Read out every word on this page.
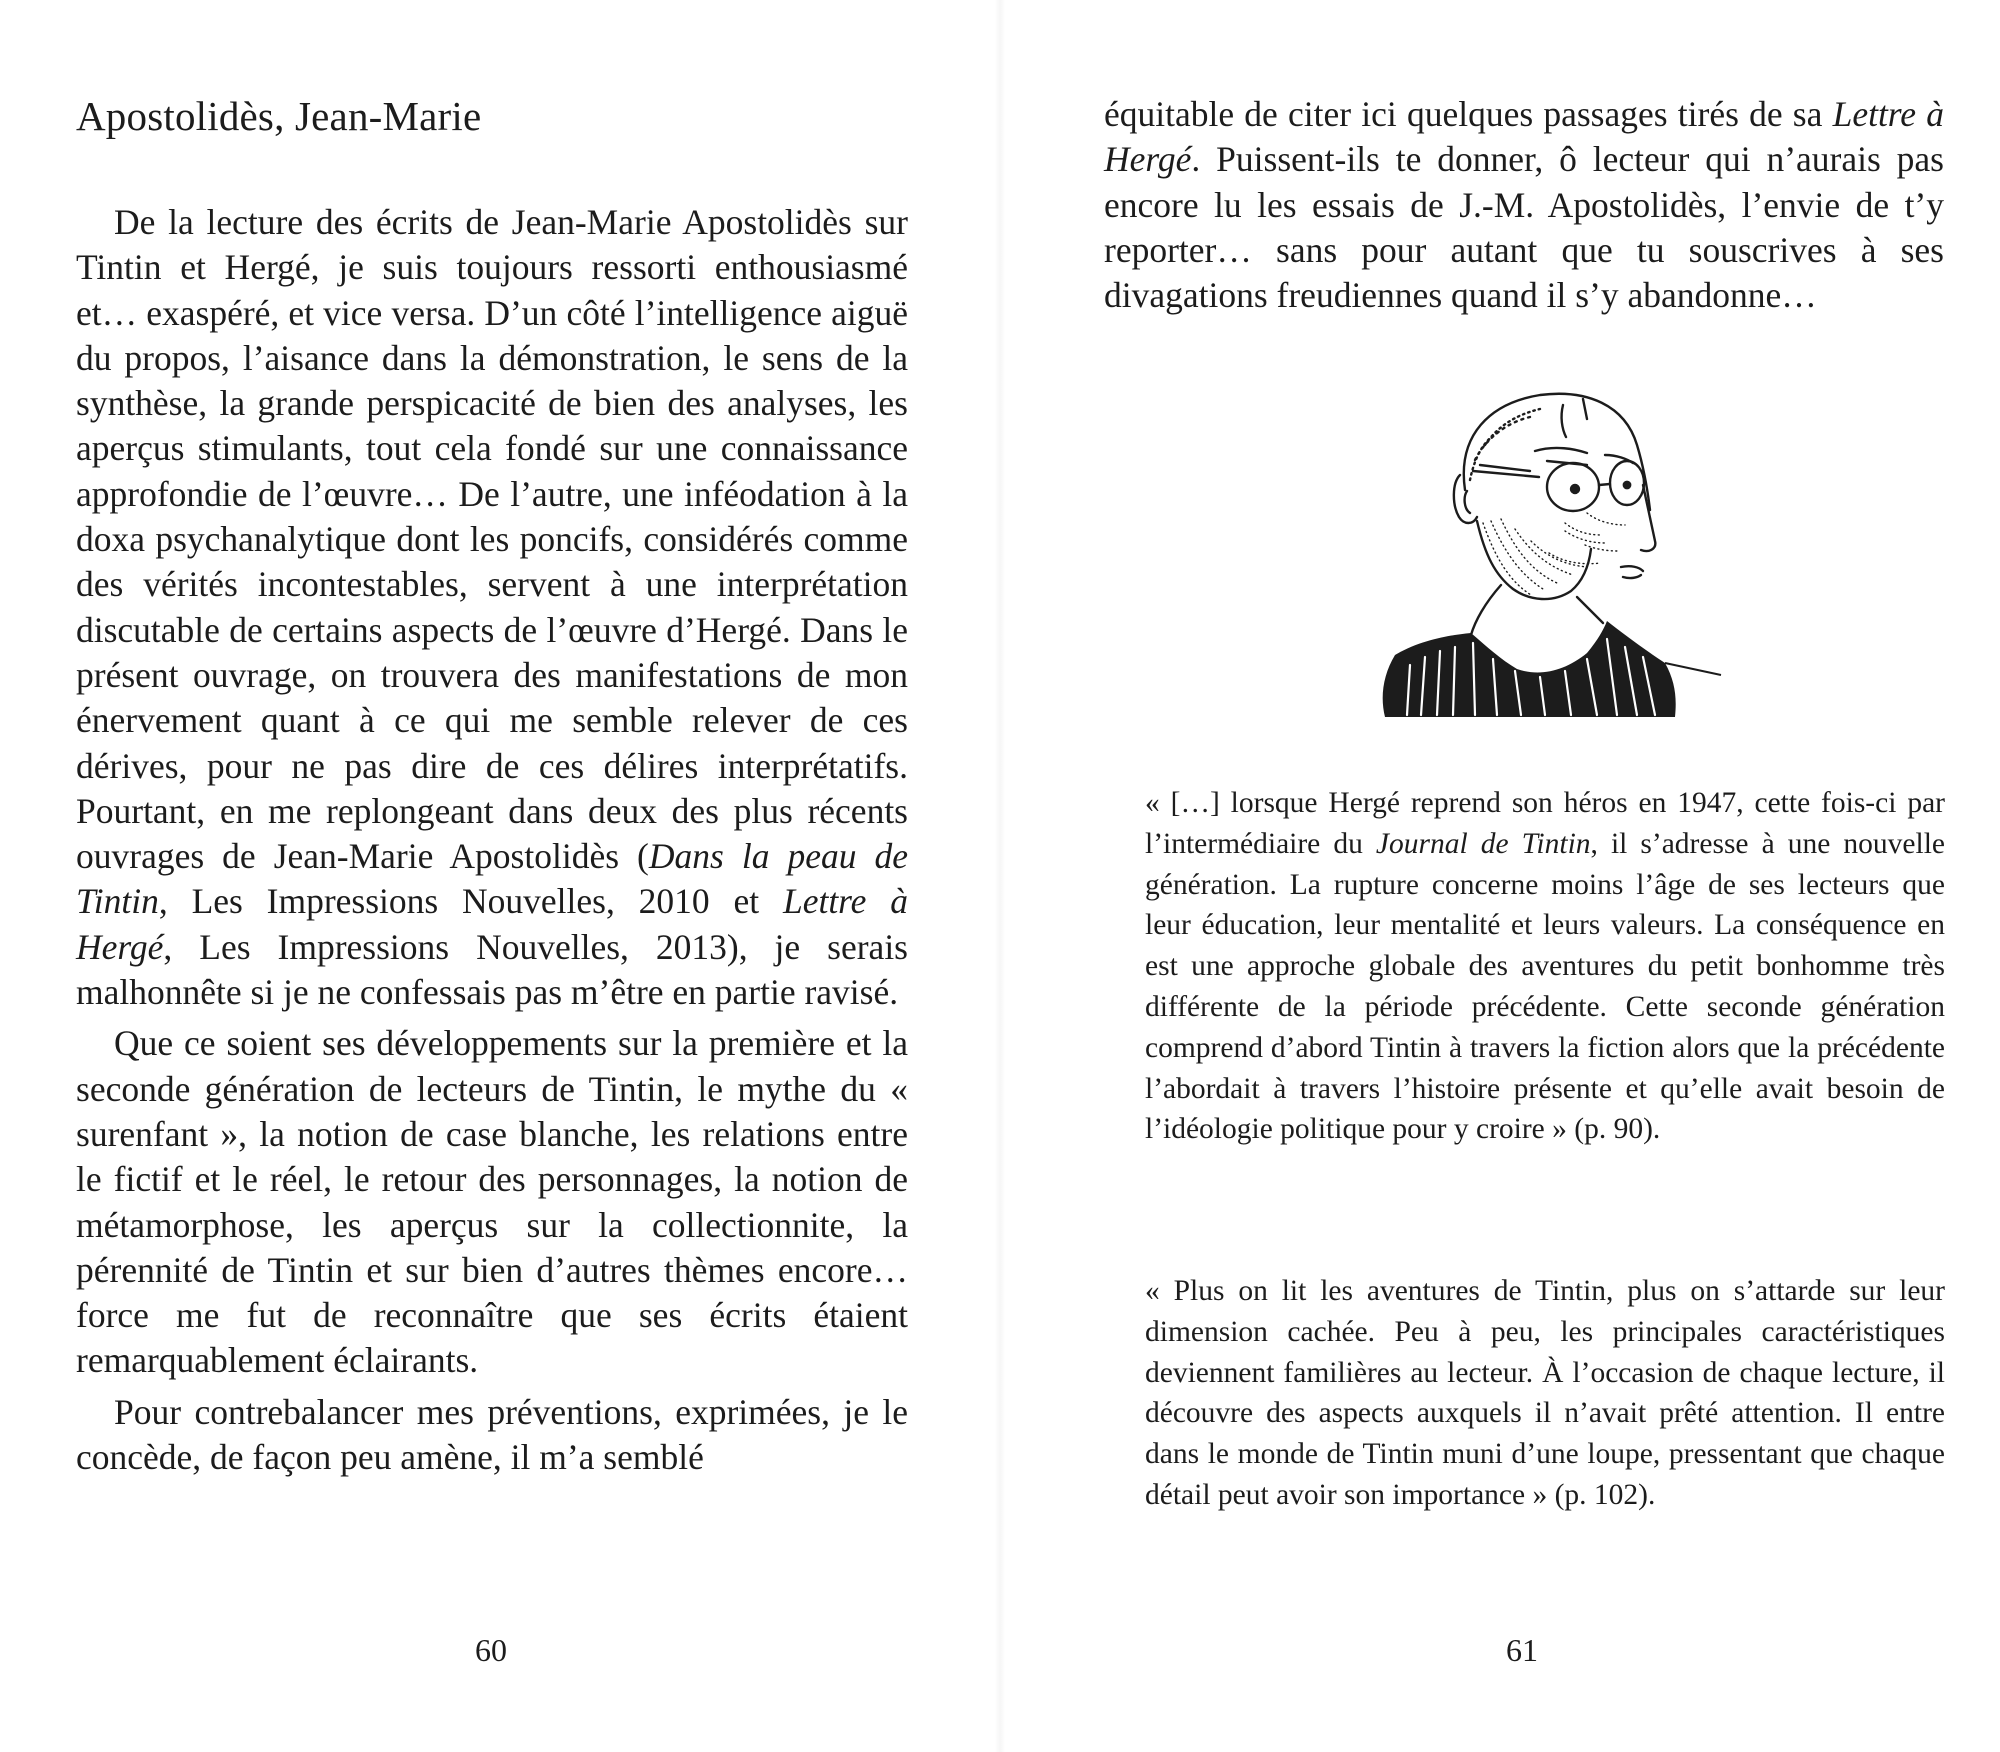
Apostolidès, Jean-Marie

De la lecture des écrits de Jean-Marie Apostolidès sur Tintin et Hergé, je suis toujours ressorti enthousiasmé et… exaspéré, et vice versa. D’un côté l’intelligence aiguë du propos, l’aisance dans la démonstration, le sens de la synthèse, la grande perspicacité de bien des analyses, les aperçus stimulants, tout cela fondé sur une connaissance approfondie de l’œuvre… De l’autre, une inféodation à la doxa psychanalytique dont les poncifs, considérés comme des vérités incontestables, servent à une interprétation discutable de certains aspects de l’œuvre d’Hergé. Dans le présent ouvrage, on trouvera des manifestations de mon énervement quant à ce qui me semble relever de ces dérives, pour ne pas dire de ces délires interprétatifs. Pourtant, en me replongeant dans deux des plus récents ouvrages de Jean-Marie Apostolidès (Dans la peau de Tintin, Les Impressions Nouvelles, 2010 et Lettre à Hergé, Les Impressions Nouvelles, 2013), je serais malhonnête si je ne confessais pas m’être en partie ravisé.

Que ce soient ses développements sur la première et la seconde génération de lecteurs de Tintin, le mythe du « surenfant », la notion de case blanche, les relations entre le fictif et le réel, le retour des personnages, la notion de métamorphose, les aperçus sur la collectionnite, la pérennité de Tintin et sur bien d’autres thèmes encore… force me fut de reconnaître que ses écrits étaient remarquablement éclairants.

Pour contrebalancer mes préventions, exprimées, je le concède, de façon peu amène, il m’a semblé

60

équitable de citer ici quelques passages tirés de sa Lettre à Hergé. Puissent-ils te donner, ô lecteur qui n’aurais pas encore lu les essais de J.-M. Apostolidès, l’envie de t’y reporter… sans pour autant que tu souscrives à ses divagations freudiennes quand il s’y abandonne…

« […] lorsque Hergé reprend son héros en 1947, cette fois-ci par l’intermédiaire du Journal de Tintin, il s’adresse à une nouvelle génération. La rupture concerne moins l’âge de ses lecteurs que leur éducation, leur mentalité et leurs valeurs. La conséquence en est une approche globale des aventures du petit bonhomme très différente de la période précédente. Cette seconde génération comprend d’abord Tintin à travers la fiction alors que la précédente l’abordait à travers l’histoire présente et qu’elle avait besoin de l’idéologie politique pour y croire » (p. 90).

« Plus on lit les aventures de Tintin, plus on s’attarde sur leur dimension cachée. Peu à peu, les principales caractéristiques deviennent familières au lecteur. À l’occasion de chaque lecture, il découvre des aspects auxquels il n’avait prêté attention. Il entre dans le monde de Tintin muni d’une loupe, pressentant que chaque détail peut avoir son importance » (p. 102).

61
